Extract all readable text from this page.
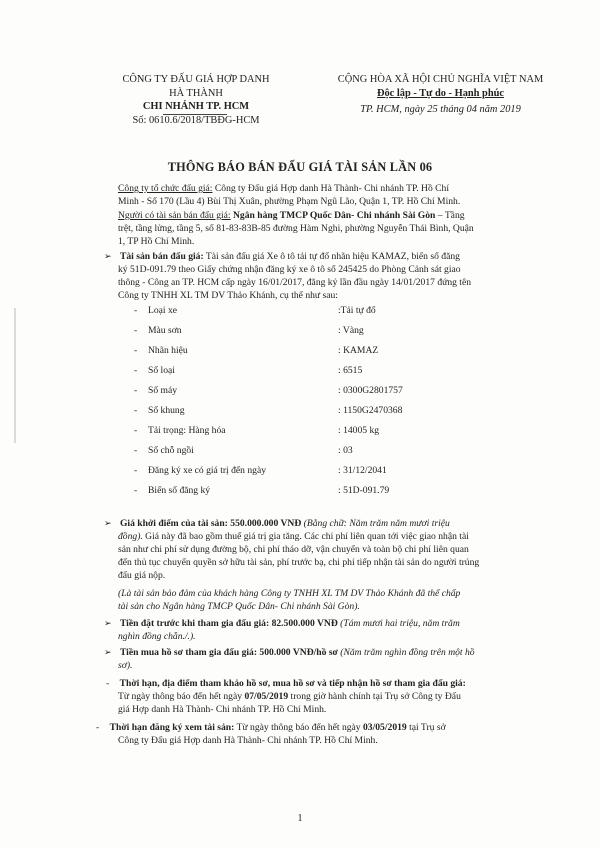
CÔNG TY ĐẤU GIÁ HỢP DANH
HÀ THÀNH
CHI NHÁNH TP. HCM
Số: 0610.6/2018/TBĐG-HCM
CỘNG HÒA XÃ HỘI CHỦ NGHĨA VIỆT NAM
Độc lập - Tự do - Hạnh phúc
TP. HCM, ngày 25 tháng 04 năm 2019
THÔNG BÁO BÁN ĐẤU GIÁ TÀI SẢN LẦN 06
Công ty tổ chức đấu giá: Công ty Đấu giá Hợp danh Hà Thành- Chi nhánh TP. Hồ Chí
Minh - Số 170 (Lầu 4) Bùi Thị Xuân, phường Phạm Ngũ Lão, Quận 1, TP. Hồ Chí Minh.
Người có tài sản bán đấu giá: Ngân hàng TMCP Quốc Dân- Chi nhánh Sài Gòn – Tầng
trệt, tầng lửng, tầng 5, số 81-83-83B-85 đường Hàm Nghi, phường Nguyễn Thái Bình, Quận
1, TP Hồ Chí Minh.
➢ Tài sản bán đấu giá: Tài sản đấu giá Xe ô tô tải tự đổ nhãn hiệu KAMAZ, biển số đăng
ký 51D-091.79 theo Giấy chứng nhận đăng ký xe ô tô số 245425 do Phòng Cảnh sát giao
thông - Công an TP. HCM cấp ngày 16/01/2017, đăng ký lần đầu ngày 14/01/2017 đứng tên
Công ty TNHH XL TM DV Thảo Khánh, cụ thể như sau:
- Loại xe	:Tải tự đổ
- Màu sơn	: Vàng
- Nhãn hiệu	: KAMAZ
- Số loại	: 6515
- Số máy	: 0300G2801757
- Số khung	: 1150G2470368
- Tải trọng: Hàng hóa	: 14005 kg
- Số chỗ ngồi	: 03
- Đăng ký xe có giá trị đến ngày	: 31/12/2041
- Biển số đăng ký	: 51D-091.79
➢ Giá khởi điểm của tài sản: 550.000.000 VNĐ (Bằng chữ: Năm trăm năm mươi triệu
đồng). Giá này đã bao gồm thuế giá trị gia tăng. Các chi phí liên quan tới việc giao nhận tài
sản như chi phí sử dụng đường bộ, chi phí tháo dỡ, vận chuyển và toàn bộ chi phí liên quan
đến thủ tục chuyển quyền sở hữu tài sản, phí trước bạ, chi phí tiếp nhận tài sản do người trúng
đấu giá nộp.
(Là tài sản bảo đảm của khách hàng Công ty TNHH XL TM DV Thảo Khánh đã thế chấp
tài sản cho Ngân hàng TMCP Quốc Dân- Chi nhánh Sài Gòn).
➢ Tiền đặt trước khi tham gia đấu giá: 82.500.000 VNĐ (Tám mươi hai triệu, năm trăm
nghìn đồng chẵn./.).
➢ Tiền mua hồ sơ tham gia đấu giá: 500.000 VNĐ/hồ sơ (Năm trăm nghìn đồng trên một hồ
sơ).
- Thời hạn, địa điểm tham khảo hồ sơ, mua hồ sơ và tiếp nhận hồ sơ tham gia đấu giá:
Từ ngày thông báo đến hết ngày 07/05/2019 trong giờ hành chính tại Trụ sở Công ty Đấu
giá Hợp danh Hà Thành- Chi nhánh TP. Hồ Chí Minh.
- Thời hạn đăng ký xem tài sản: Từ ngày thông báo đến hết ngày 03/05/2019 tại Trụ sở
Công ty Đấu giá Hợp danh Hà Thành- Chi nhánh TP. Hồ Chí Minh.
1
